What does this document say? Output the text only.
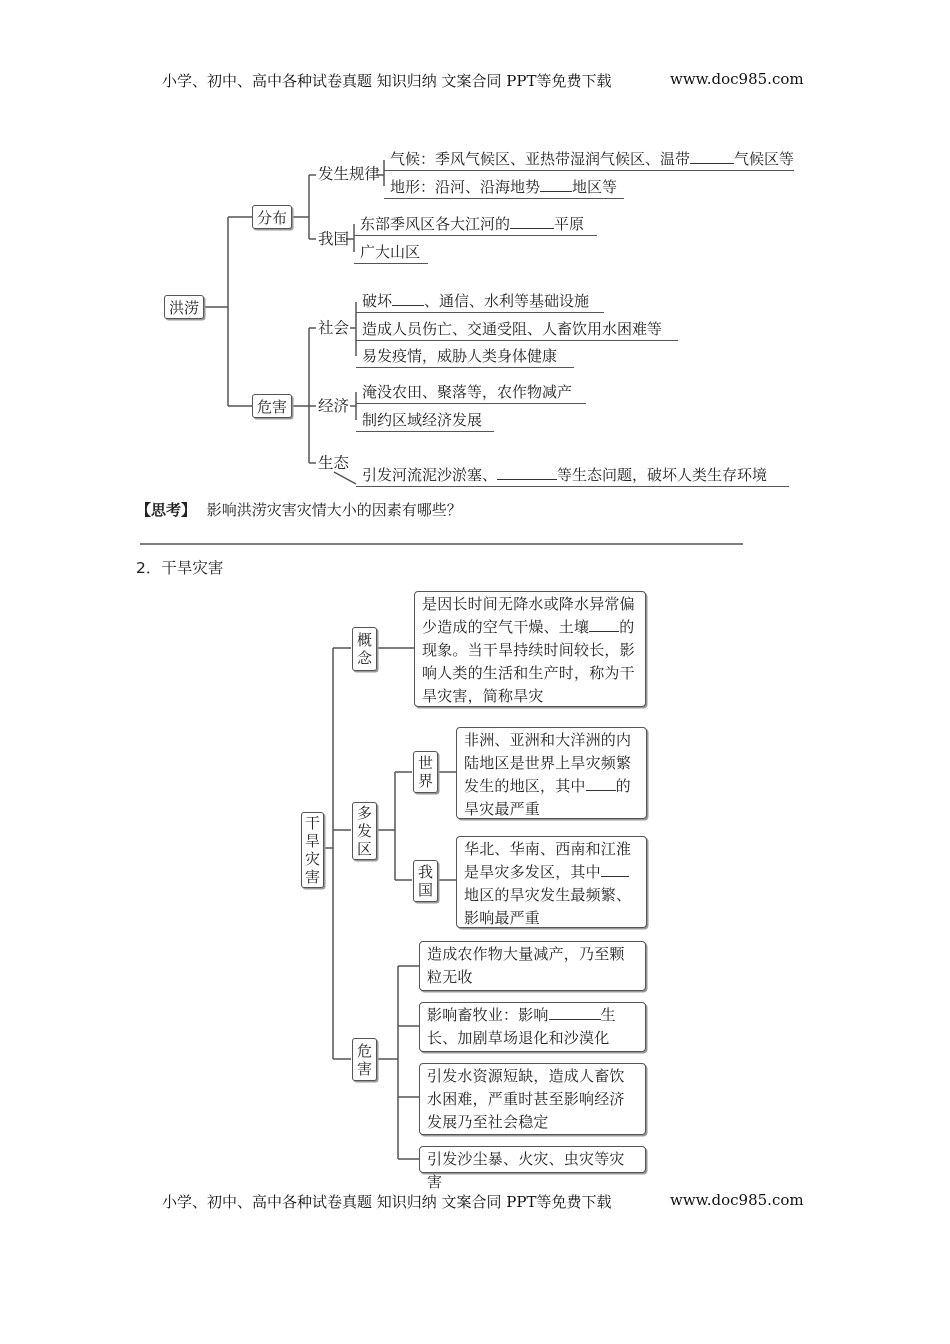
小学、初中、高中各种试卷真题 知识归纳 文案合同 PPT等免费下载	www.doc985.com
小学、初中、高中各种试卷真题 知识归纳 文案合同 PPT等免费下载	www.doc985.com
洪涝
分布
危害
发生规律
我国
社会
经济
生态
气候：季风气候区、亚热带湿润气候区、温带	气候区等
地形：沿河、沿海地势 地区等
东部季风区各大江河的	平原
广大山区
破坏 、通信、水利等基础设施
造成人员伤亡、交通受阻、人畜饮用水困难等
易发疫情，威胁人类身体健康
淹没农田、聚落等，农作物减产
制约区域经济发展
引发河流泥沙淤塞、	等生态问题，破坏人类生存环境
【思考】 影响洪涝灾害灾情大小的因素有哪些？
2．干旱灾害
干
旱
灾
害
概
念
多
发
区
世
界
我
国
危
害
是因长时间无降水或降水异常偏少造成的空气干燥、土壤 的现象。当干旱持续时间较长，影响人类的生活和生产时，称为干旱灾害，简称旱灾
非洲、亚洲和大洋洲的内陆地区是世界上旱灾频繁发生的地区，其中 的旱灾最严重
华北、华南、西南和江淮是旱灾多发区，其中地区的旱灾发生最频繁、影响最严重
造成农作物大量减产，乃至颗粒无收
影响畜牧业：影响	生长、加剧草场退化和沙漠化
引发水资源短缺，造成人畜饮水困难，严重时甚至影响经济发展乃至社会稳定
引发沙尘暴、火灾、虫灾等灾害
